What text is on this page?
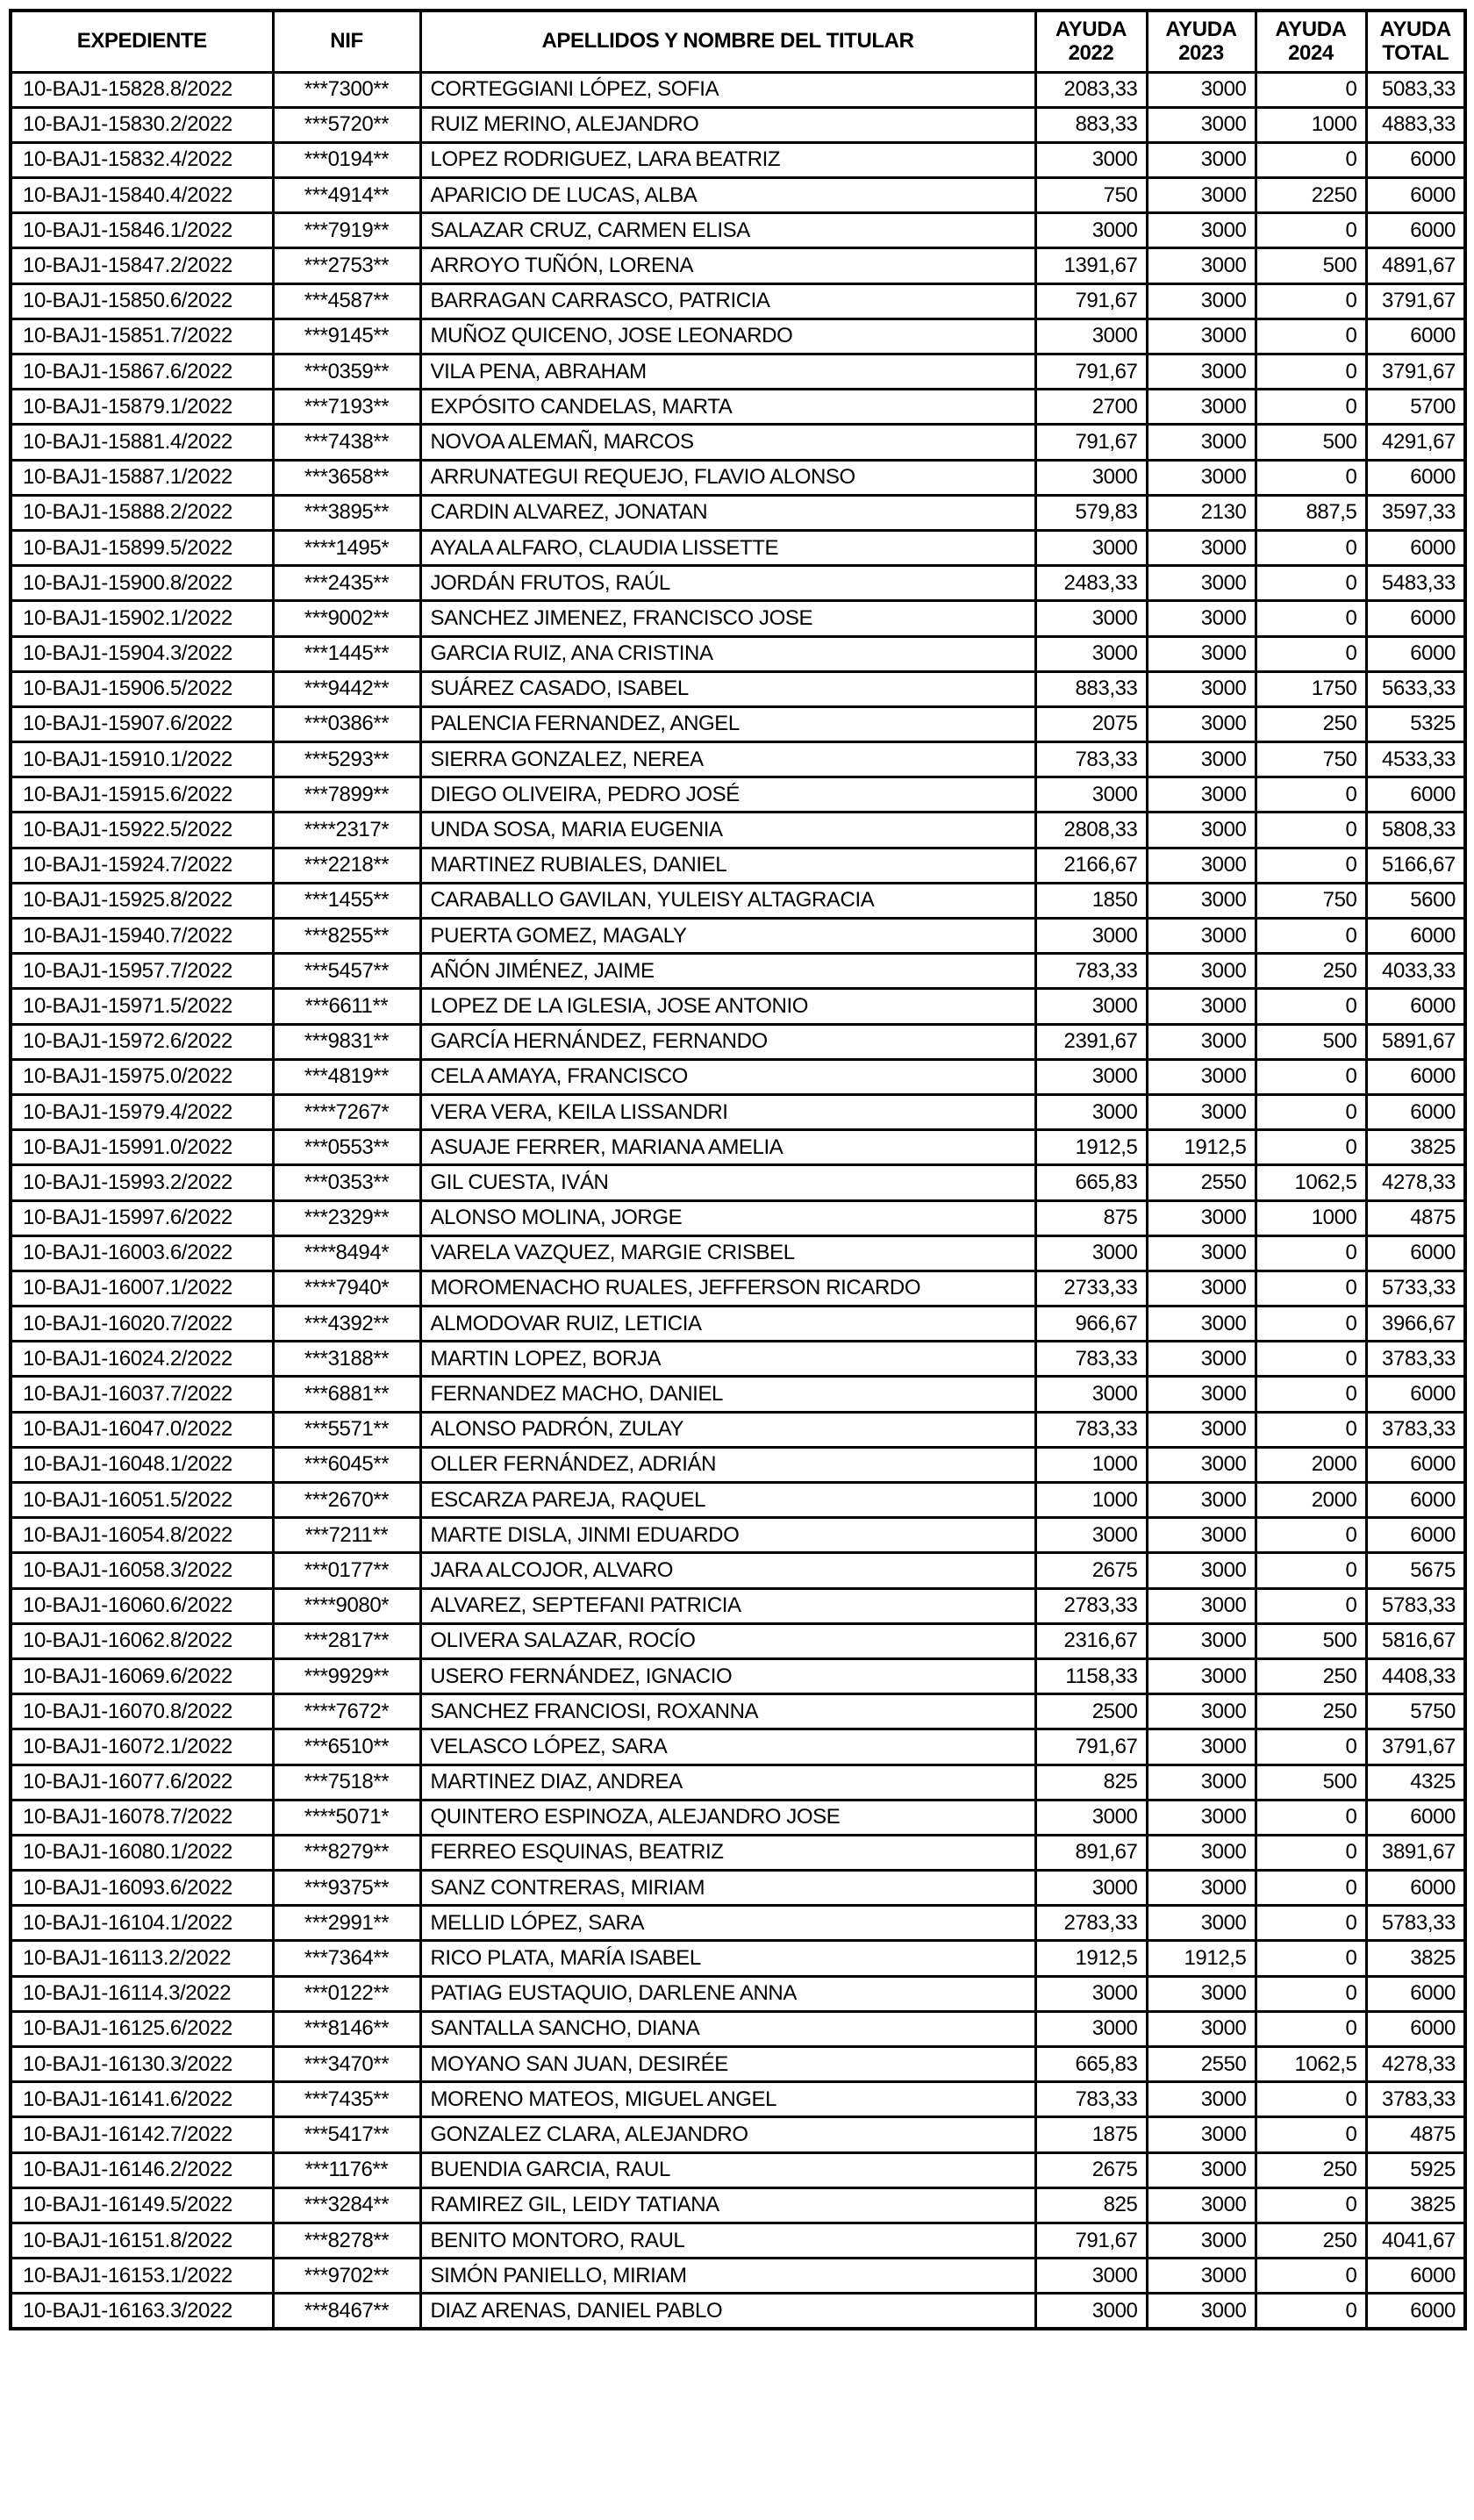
EXPEDIENTE	NIF	APELLIDOS Y NOMBRE DEL TITULAR	AYUDA 2022	AYUDA 2023	AYUDA 2024	AYUDA TOTAL
10-BAJ1-15828.8/2022	***7300**	CORTEGGIANI LÓPEZ, SOFIA	2083,33	3000	0	5083,33
10-BAJ1-15830.2/2022	***5720**	RUIZ MERINO, ALEJANDRO	883,33	3000	1000	4883,33
10-BAJ1-15832.4/2022	***0194**	LOPEZ RODRIGUEZ, LARA BEATRIZ	3000	3000	0	6000
10-BAJ1-15840.4/2022	***4914**	APARICIO DE LUCAS, ALBA	750	3000	2250	6000
10-BAJ1-15846.1/2022	***7919**	SALAZAR CRUZ, CARMEN ELISA	3000	3000	0	6000
10-BAJ1-15847.2/2022	***2753**	ARROYO TUÑÓN, LORENA	1391,67	3000	500	4891,67
10-BAJ1-15850.6/2022	***4587**	BARRAGAN CARRASCO, PATRICIA	791,67	3000	0	3791,67
10-BAJ1-15851.7/2022	***9145**	MUÑOZ QUICENO, JOSE LEONARDO	3000	3000	0	6000
10-BAJ1-15867.6/2022	***0359**	VILA PENA, ABRAHAM	791,67	3000	0	3791,67
10-BAJ1-15879.1/2022	***7193**	EXPÓSITO CANDELAS, MARTA	2700	3000	0	5700
10-BAJ1-15881.4/2022	***7438**	NOVOA ALEMAÑ, MARCOS	791,67	3000	500	4291,67
10-BAJ1-15887.1/2022	***3658**	ARRUNATEGUI REQUEJO, FLAVIO ALONSO	3000	3000	0	6000
10-BAJ1-15888.2/2022	***3895**	CARDIN ALVAREZ, JONATAN	579,83	2130	887,5	3597,33
10-BAJ1-15899.5/2022	****1495*	AYALA ALFARO, CLAUDIA LISSETTE	3000	3000	0	6000
10-BAJ1-15900.8/2022	***2435**	JORDÁN FRUTOS, RAÚL	2483,33	3000	0	5483,33
10-BAJ1-15902.1/2022	***9002**	SANCHEZ JIMENEZ, FRANCISCO JOSE	3000	3000	0	6000
10-BAJ1-15904.3/2022	***1445**	GARCIA RUIZ, ANA CRISTINA	3000	3000	0	6000
10-BAJ1-15906.5/2022	***9442**	SUÁREZ CASADO, ISABEL	883,33	3000	1750	5633,33
10-BAJ1-15907.6/2022	***0386**	PALENCIA FERNANDEZ, ANGEL	2075	3000	250	5325
10-BAJ1-15910.1/2022	***5293**	SIERRA GONZALEZ, NEREA	783,33	3000	750	4533,33
10-BAJ1-15915.6/2022	***7899**	DIEGO OLIVEIRA, PEDRO JOSÉ	3000	3000	0	6000
10-BAJ1-15922.5/2022	****2317*	UNDA SOSA, MARIA EUGENIA	2808,33	3000	0	5808,33
10-BAJ1-15924.7/2022	***2218**	MARTINEZ RUBIALES, DANIEL	2166,67	3000	0	5166,67
10-BAJ1-15925.8/2022	***1455**	CARABALLO GAVILAN, YULEISY ALTAGRACIA	1850	3000	750	5600
10-BAJ1-15940.7/2022	***8255**	PUERTA GOMEZ, MAGALY	3000	3000	0	6000
10-BAJ1-15957.7/2022	***5457**	AÑÓN JIMÉNEZ, JAIME	783,33	3000	250	4033,33
10-BAJ1-15971.5/2022	***6611**	LOPEZ DE LA IGLESIA, JOSE ANTONIO	3000	3000	0	6000
10-BAJ1-15972.6/2022	***9831**	GARCÍA HERNÁNDEZ, FERNANDO	2391,67	3000	500	5891,67
10-BAJ1-15975.0/2022	***4819**	CELA AMAYA, FRANCISCO	3000	3000	0	6000
10-BAJ1-15979.4/2022	****7267*	VERA VERA, KEILA LISSANDRI	3000	3000	0	6000
10-BAJ1-15991.0/2022	***0553**	ASUAJE FERRER, MARIANA AMELIA	1912,5	1912,5	0	3825
10-BAJ1-15993.2/2022	***0353**	GIL CUESTA, IVÁN	665,83	2550	1062,5	4278,33
10-BAJ1-15997.6/2022	***2329**	ALONSO MOLINA, JORGE	875	3000	1000	4875
10-BAJ1-16003.6/2022	****8494*	VARELA VAZQUEZ, MARGIE CRISBEL	3000	3000	0	6000
10-BAJ1-16007.1/2022	****7940*	MOROMENACHO RUALES, JEFFERSON RICARDO	2733,33	3000	0	5733,33
10-BAJ1-16020.7/2022	***4392**	ALMODOVAR RUIZ, LETICIA	966,67	3000	0	3966,67
10-BAJ1-16024.2/2022	***3188**	MARTIN LOPEZ, BORJA	783,33	3000	0	3783,33
10-BAJ1-16037.7/2022	***6881**	FERNANDEZ MACHO, DANIEL	3000	3000	0	6000
10-BAJ1-16047.0/2022	***5571**	ALONSO PADRÓN, ZULAY	783,33	3000	0	3783,33
10-BAJ1-16048.1/2022	***6045**	OLLER FERNÁNDEZ, ADRIÁN	1000	3000	2000	6000
10-BAJ1-16051.5/2022	***2670**	ESCARZA PAREJA, RAQUEL	1000	3000	2000	6000
10-BAJ1-16054.8/2022	***7211**	MARTE DISLA, JINMI EDUARDO	3000	3000	0	6000
10-BAJ1-16058.3/2022	***0177**	JARA ALCOJOR, ALVARO	2675	3000	0	5675
10-BAJ1-16060.6/2022	****9080*	ALVAREZ, SEPTEFANI PATRICIA	2783,33	3000	0	5783,33
10-BAJ1-16062.8/2022	***2817**	OLIVERA SALAZAR, ROCÍO	2316,67	3000	500	5816,67
10-BAJ1-16069.6/2022	***9929**	USERO FERNÁNDEZ, IGNACIO	1158,33	3000	250	4408,33
10-BAJ1-16070.8/2022	****7672*	SANCHEZ FRANCIOSI, ROXANNA	2500	3000	250	5750
10-BAJ1-16072.1/2022	***6510**	VELASCO LÓPEZ, SARA	791,67	3000	0	3791,67
10-BAJ1-16077.6/2022	***7518**	MARTINEZ DIAZ, ANDREA	825	3000	500	4325
10-BAJ1-16078.7/2022	****5071*	QUINTERO ESPINOZA, ALEJANDRO JOSE	3000	3000	0	6000
10-BAJ1-16080.1/2022	***8279**	FERREO ESQUINAS, BEATRIZ	891,67	3000	0	3891,67
10-BAJ1-16093.6/2022	***9375**	SANZ CONTRERAS, MIRIAM	3000	3000	0	6000
10-BAJ1-16104.1/2022	***2991**	MELLID LÓPEZ, SARA	2783,33	3000	0	5783,33
10-BAJ1-16113.2/2022	***7364**	RICO PLATA, MARÍA ISABEL	1912,5	1912,5	0	3825
10-BAJ1-16114.3/2022	***0122**	PATIAG EUSTAQUIO, DARLENE ANNA	3000	3000	0	6000
10-BAJ1-16125.6/2022	***8146**	SANTALLA SANCHO, DIANA	3000	3000	0	6000
10-BAJ1-16130.3/2022	***3470**	MOYANO SAN JUAN, DESIRÉE	665,83	2550	1062,5	4278,33
10-BAJ1-16141.6/2022	***7435**	MORENO MATEOS, MIGUEL ANGEL	783,33	3000	0	3783,33
10-BAJ1-16142.7/2022	***5417**	GONZALEZ CLARA, ALEJANDRO	1875	3000	0	4875
10-BAJ1-16146.2/2022	***1176**	BUENDIA GARCIA, RAUL	2675	3000	250	5925
10-BAJ1-16149.5/2022	***3284**	RAMIREZ GIL, LEIDY TATIANA	825	3000	0	3825
10-BAJ1-16151.8/2022	***8278**	BENITO MONTORO, RAUL	791,67	3000	250	4041,67
10-BAJ1-16153.1/2022	***9702**	SIMÓN PANIELLO, MIRIAM	3000	3000	0	6000
10-BAJ1-16163.3/2022	***8467**	DIAZ ARENAS, DANIEL PABLO	3000	3000	0	6000
